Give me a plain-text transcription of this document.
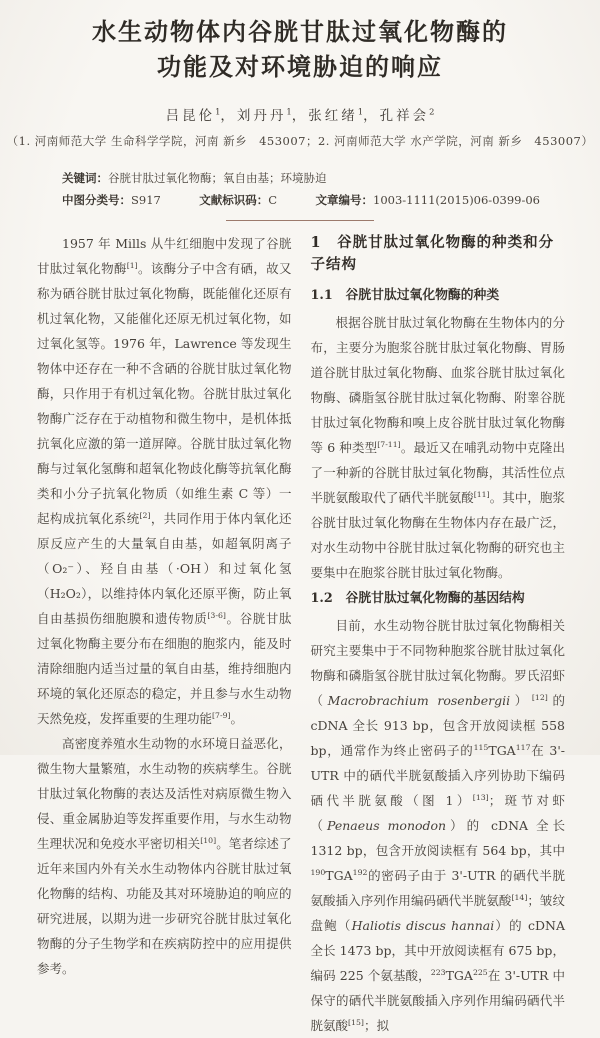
水生动物体内谷胱甘肽过氧化物酶的
功能及对环境胁迫的响应
吕昆伦$^1$，刘丹丹$^1$，张红绪$^1$，孔祥会$^2$
（1. 河南师范大学 生命科学学院，河南 新乡　453007；2. 河南师范大学 水产学院，河南 新乡　453007）
关键词：谷胱甘肽过氧化物酶；氧自由基；环境胁迫
中图分类号：S917	文献标识码：C	文章编号：1003-1111(2015)06-0399-06

1957 年 Mills 从牛红细胞中发现了谷胱甘肽过氧化物酶[1]。该酶分子中含有硒，故又称为硒谷胱甘肽过氧化物酶，既能催化还原有机过氧化物，又能催化还原无机过氧化物，如过氧化氢等。1976 年，Lawrence 等发现生物体中还存在一种不含硒的谷胱甘肽过氧化物酶，只作用于有机过氧化物。谷胱甘肽过氧化物酶广泛存在于动植物和微生物中，是机体抵抗氧化应激的第一道屏障。谷胱甘肽过氧化物酶与过氧化氢酶和超氧化物歧化酶等抗氧化酶类和小分子抗氧化物质（如维生素 C 等）一起构成抗氧化系统[2]，共同作用于体内氧化还原反应产生的大量氧自由基，如超氧阴离子（O₂⁻）、羟自由基（·OH）和过氧化氢（H₂O₂），以维持体内氧化还原平衡，防止氧自由基损伤细胞膜和遗传物质[3-6]。谷胱甘肽过氧化物酶主要分布在细胞的胞浆内，能及时清除细胞内适当过量的氧自由基，维持细胞内环境的氧化还原态的稳定，并且参与水生动物天然免疫，发挥重要的生理功能[7-9]。

高密度养殖水生动物的水环境日益恶化，微生物大量繁殖，水生动物的疾病孳生。谷胱甘肽过氧化物酶的表达及活性对病原微生物入侵、重金属胁迫等发挥重要作用，与水生动物生理状况和免疫水平密切相关[10]。笔者综述了近年来国内外有关水生动物体内谷胱甘肽过氧化物酶的结构、功能及其对环境胁迫的响应的研究进展，以期为进一步研究谷胱甘肽过氧化物酶的分子生物学和在疾病防控中的应用提供参考。

1　谷胱甘肽过氧化物酶的种类和分子结构
1.1　谷胱甘肽过氧化物酶的种类

根据谷胱甘肽过氧化物酶在生物体内的分布，主要分为胞浆谷胱甘肽过氧化物酶、胃肠道谷胱甘肽过氧化物酶、血浆谷胱甘肽过氧化物酶、磷脂氢谷胱甘肽过氧化物酶、附睾谷胱甘肽过氧化物酶和嗅上皮谷胱甘肽过氧化物酶等 6 种类型[7-11]。最近又在哺乳动物中克隆出了一种新的谷胱甘肽过氧化物酶，其活性位点半胱氨酸取代了硒代半胱氨酸[11]。其中，胞浆谷胱甘肽过氧化物酶在生物体内存在最广泛，对水生动物中谷胱甘肽过氧化物酶的研究也主要集中在胞浆谷胱甘肽过氧化物酶。

1.2　谷胱甘肽过氧化物酶的基因结构

目前，水生动物谷胱甘肽过氧化物酶相关研究主要集中于不同物种胞浆谷胱甘肽过氧化物酶和磷脂氢谷胱甘肽过氧化物酶。罗氏沼虾（Macrobrachium rosenbergii）[12]的 cDNA 全长 913 bp，包含开放阅读框 558 bp，通常作为终止密码子的$^{115}$TGA$^{117}$在 3'-UTR 中的硒代半胱氨酸插入序列协助下编码硒代半胱氨酸（图 1）[13]；斑节对虾（Penaeus monodon）的 cDNA 全长 1312 bp，包含开放阅读框有 564 bp，其中$^{190}$TGA$^{192}$的密码子由于 3'-UTR 的硒代半胱氨酸插入序列作用编码硒代半胱氨酸[14]；皱纹盘鲍（Haliotis discus hannai）的 cDNA 全长 1473 bp，其中开放阅读框有 675 bp，编码 225 个氨基酸，$^{223}$TGA$^{225}$在 3'-UTR 中保守的硒代半胱氨酸插入序列作用编码硒代半胱氨酸[15]；拟
